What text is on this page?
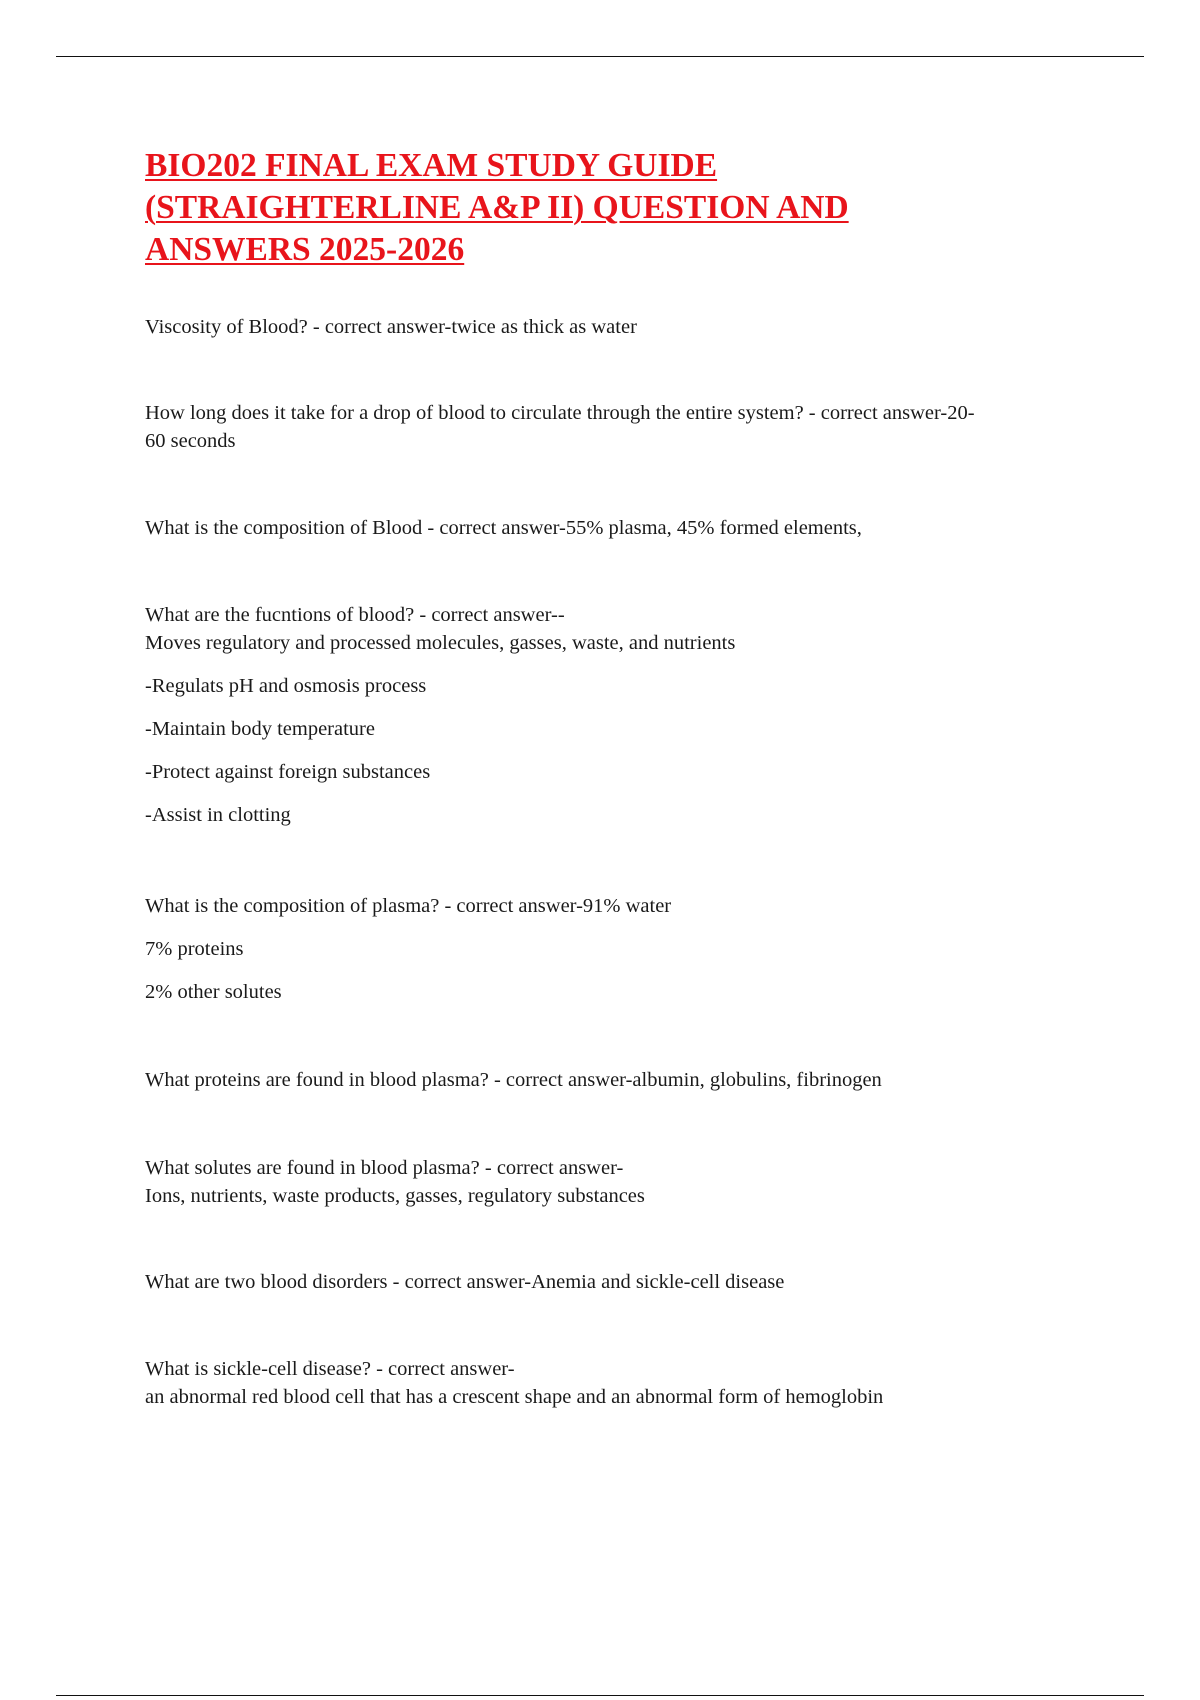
BIO202 FINAL EXAM STUDY GUIDE
(STRAIGHTERLINE A&P II) QUESTION AND
ANSWERS 2025-2026

Viscosity of Blood? - correct answer-twice as thick as water

How long does it take for a drop of blood to circulate through the entire system? - correct answer-20-

60 seconds

What is the composition of Blood - correct answer-55% plasma, 45% formed elements,

What are the fucntions of blood? - correct answer--

Moves regulatory and processed molecules, gasses, waste, and nutrients

-Regulats pH and osmosis process

-Maintain body temperature

-Protect against foreign substances

-Assist in clotting

What is the composition of plasma? - correct answer-91% water

7% proteins

2% other solutes

What proteins are found in blood plasma? - correct answer-albumin, globulins, fibrinogen

What solutes are found in blood plasma? - correct answer-

Ions, nutrients, waste products, gasses, regulatory substances

What are two blood disorders - correct answer-Anemia and sickle-cell disease

What is sickle-cell disease? - correct answer-

an abnormal red blood cell that has a crescent shape and an abnormal form of hemoglobin
